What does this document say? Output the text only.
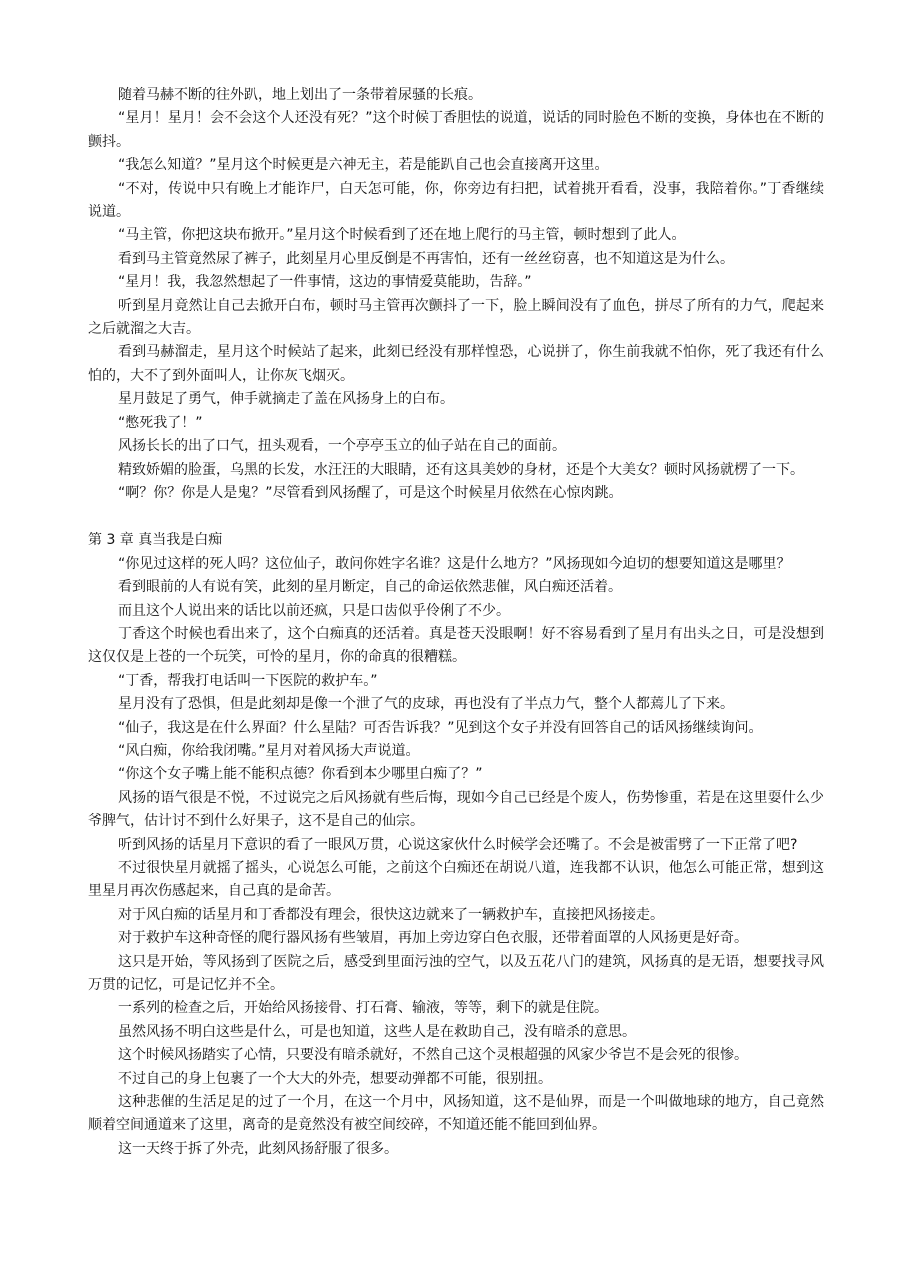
随着马赫不断的往外趴，地上划出了一条带着尿骚的长痕。

“星月！星月！会不会这个人还没有死？”这个时候丁香胆怯的说道，说话的同时脸色不断的变换，身体也在不断的颤抖。

“我怎么知道？”星月这个时候更是六神无主，若是能趴自己也会直接离开这里。

“不对，传说中只有晚上才能诈尸，白天怎可能，你，你旁边有扫把，试着挑开看看，没事，我陪着你。”丁香继续说道。

“马主管，你把这块布掀开。”星月这个时候看到了还在地上爬行的马主管，顿时想到了此人。

看到马主管竟然尿了裤子，此刻星月心里反倒是不再害怕，还有一丝丝窃喜，也不知道这是为什么。

“星月！我，我忽然想起了一件事情，这边的事情爱莫能助，告辞。”

听到星月竟然让自己去掀开白布，顿时马主管再次颤抖了一下，脸上瞬间没有了血色，拼尽了所有的力气，爬起来之后就溜之大吉。

看到马赫溜走，星月这个时候站了起来，此刻已经没有那样惶恐，心说拼了，你生前我就不怕你，死了我还有什么怕的，大不了到外面叫人，让你灰飞烟灭。

星月鼓足了勇气，伸手就摘走了盖在风扬身上的白布。

“憋死我了！”

风扬长长的出了口气，扭头观看，一个亭亭玉立的仙子站在自己的面前。

精致娇媚的脸蛋，乌黑的长发，水汪汪的大眼睛，还有这具美妙的身材，还是个大美女？顿时风扬就楞了一下。

“啊？你？你是人是鬼？”尽管看到风扬醒了，可是这个时候星月依然在心惊肉跳。

第 3 章 真当我是白痴

“你见过这样的死人吗？这位仙子，敢问你姓字名谁？这是什么地方？”风扬现如今迫切的想要知道这是哪里？

看到眼前的人有说有笑，此刻的星月断定，自己的命运依然悲催，风白痴还活着。

而且这个人说出来的话比以前还疯，只是口齿似乎伶俐了不少。

丁香这个时候也看出来了，这个白痴真的还活着。真是苍天没眼啊！好不容易看到了星月有出头之日，可是没想到这仅仅是上苍的一个玩笑，可怜的星月，你的命真的很糟糕。

“丁香，帮我打电话叫一下医院的救护车。”

星月没有了恐惧，但是此刻却是像一个泄了气的皮球，再也没有了半点力气，整个人都蔫儿了下来。

“仙子，我这是在什么界面？什么星陆？可否告诉我？”见到这个女子并没有回答自己的话风扬继续询问。

“风白痴，你给我闭嘴。”星月对着风扬大声说道。

“你这个女子嘴上能不能积点德？你看到本少哪里白痴了？”

风扬的语气很是不悦，不过说完之后风扬就有些后悔，现如今自己已经是个废人，伤势惨重，若是在这里耍什么少爷脾气，估计讨不到什么好果子，这不是自己的仙宗。

听到风扬的话星月下意识的看了一眼风万贯，心说这家伙什么时候学会还嘴了。不会是被雷劈了一下正常了吧?

不过很快星月就摇了摇头，心说怎么可能，之前这个白痴还在胡说八道，连我都不认识，他怎么可能正常，想到这里星月再次伤感起来，自己真的是命苦。

对于风白痴的话星月和丁香都没有理会，很快这边就来了一辆救护车，直接把风扬接走。

对于救护车这种奇怪的爬行器风扬有些皱眉，再加上旁边穿白色衣服，还带着面罩的人风扬更是好奇。

这只是开始，等风扬到了医院之后，感受到里面污浊的空气，以及五花八门的建筑，风扬真的是无语，想要找寻风万贯的记忆，可是记忆并不全。

一系列的检查之后，开始给风扬接骨、打石膏、输液，等等，剩下的就是住院。

虽然风扬不明白这些是什么，可是也知道，这些人是在救助自己，没有暗杀的意思。

这个时候风扬踏实了心情，只要没有暗杀就好，不然自己这个灵根超强的风家少爷岂不是会死的很惨。

不过自己的身上包裹了一个大大的外壳，想要动弹都不可能，很别扭。

这种悲催的生活足足的过了一个月，在这一个月中，风扬知道，这不是仙界，而是一个叫做地球的地方，自己竟然顺着空间通道来了这里，离奇的是竟然没有被空间绞碎，不知道还能不能回到仙界。

这一天终于拆了外壳，此刻风扬舒服了很多。
